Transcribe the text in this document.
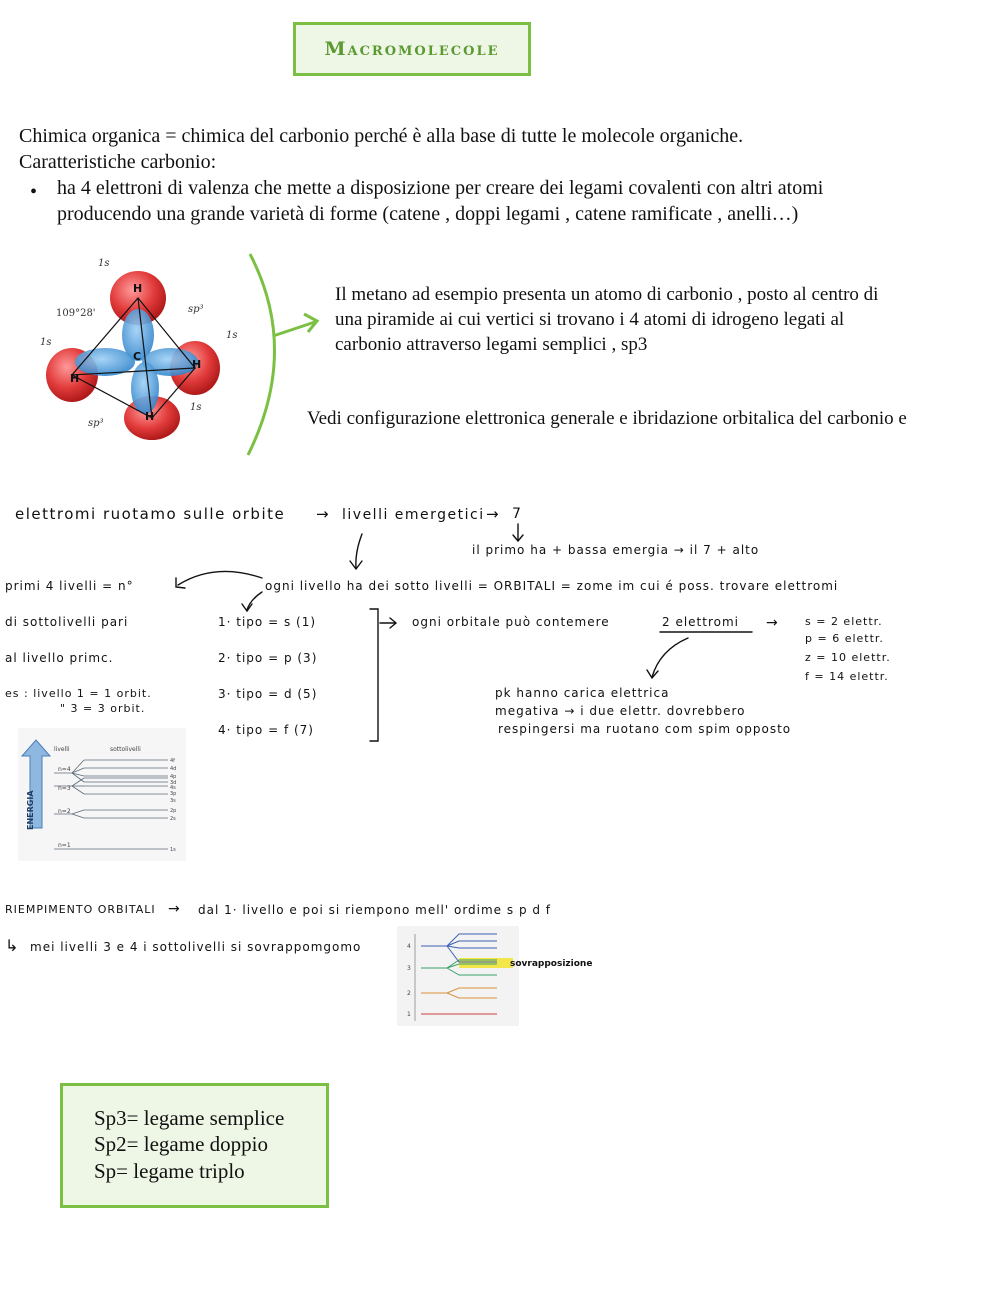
Macromolecole
Chimica organica = chimica del carbonio perché è alla base di tutte le molecole organiche.
Caratteristiche carbonio:
• ha 4 elettroni di valenza che mette a disposizione per creare dei legami covalenti con altri atomi
producendo una grande varietà di forme (catene , doppi legami , catene ramificate , anelli…)
C
H
H
H
H
109°28'
1s
1s
1s
1s
sp³
sp³
Il metano ad esempio presenta un atomo di carbonio , posto al centro di
una piramide ai cui vertici si trovano i 4 atomi di idrogeno legati al
carbonio attraverso legami semplici , sp3
Vedi configurazione elettronica generale e ibridazione orbitalica del carbonio e
elettromi ruotamo sulle orbite → livelli emergetici → 7
il primo ha + bassa emergia → il 7 + alto
primi 4 livelli = n°	ogni livello ha dei sotto livelli = ORBITALI = zome im cui é poss. trovare elettromi
di sottolivelli pari
al livello primc.
es : livello 1 = 1 orbit.
" 3 = 3 orbit.
1· tipo = s (1)
2· tipo = p (3)
3· tipo = d (5)
4· tipo = f (7)
ogni orbitale può contemere	2 elettromi → s = 2 elettr.
p = 6 elettr.
z = 10 elettr.
f = 14 elettr.
pk hanno carica elettrica
megativa → i due elettr. dovrebbero
respingersi ma ruotano com spim opposto
ENERGIA
livelli	sottolivelli
n=4
n=3
n=2
n=1
4f
4d
4p
3d
4s
3p
3s
2p
2s
1s
RIEMPIMENTO ORBITALI → dal 1· livello e poi si riempono mell' ordime s p d f
↳ mei livelli 3 e 4 i sottolivelli si sovrappomgomo	4
3
2
1
sovrapposizione
Sp3= legame semplice
Sp2= legame doppio
Sp= legame triplo
